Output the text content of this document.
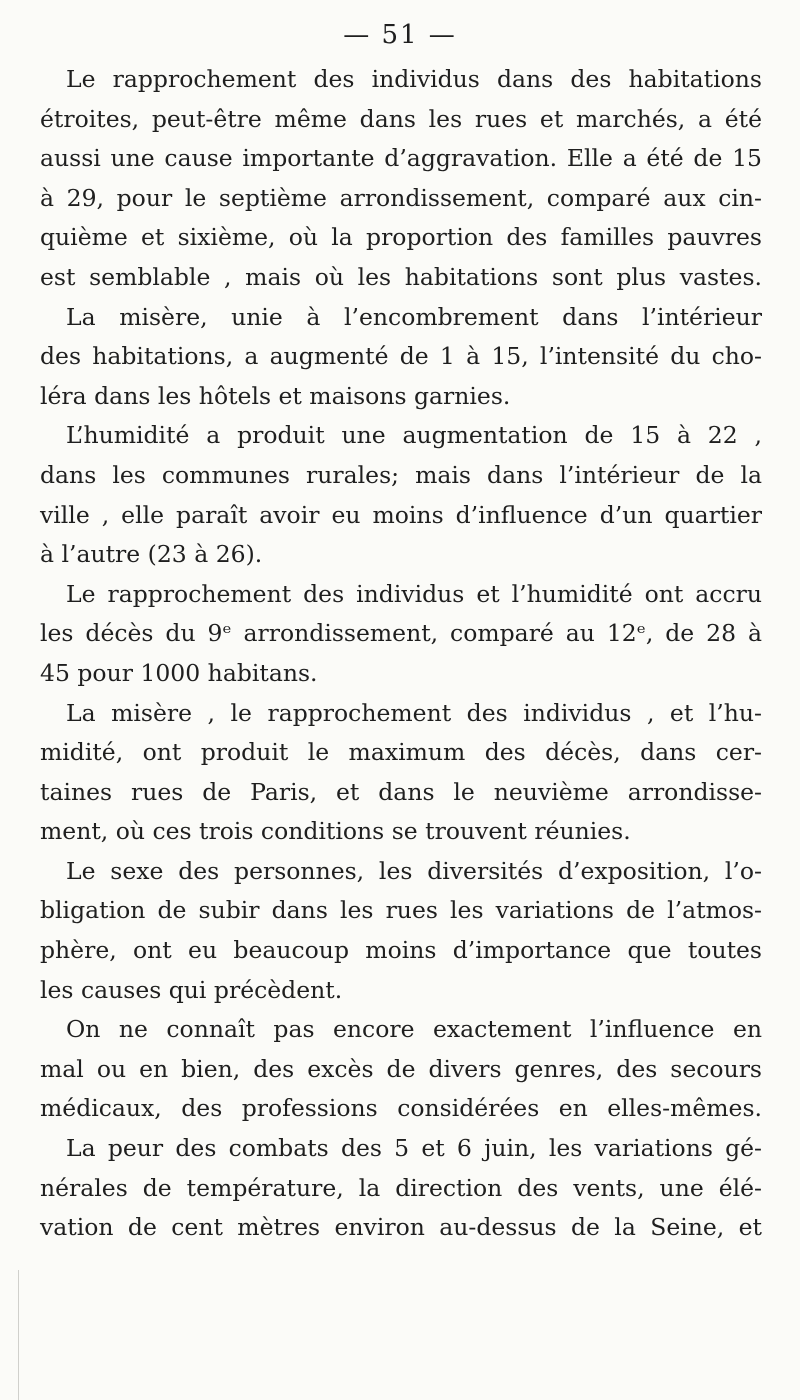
— 51 —
Le rapprochement des individus dans des habitations
étroites, peut-être même dans les rues et marchés, a été
aussi une cause importante d’aggravation. Elle a été de 15
à 29, pour le septième arrondissement, comparé aux cin-
quième et sixième, où la proportion des familles pauvres
est semblable , mais où les habitations sont plus vastes.
La misère, unie à l’encombrement dans l’intérieur
des habitations, a augmenté de 1 à 15, l’intensité du cho-
léra dans les hôtels et maisons garnies.
L’humidité a produit une augmentation de 15 à 22 ,
dans les communes rurales; mais dans l’intérieur de la
ville , elle paraît avoir eu moins d’influence d’un quartier
à l’autre (23 à 26).
Le rapprochement des individus et l’humidité ont accru
les décès du 9ᵉ arrondissement, comparé au 12ᵉ, de 28 à
45 pour 1000 habitans.
La misère , le rapprochement des individus , et l’hu-
midité, ont produit le maximum des décès, dans cer-
taines rues de Paris, et dans le neuvième arrondisse-
ment, où ces trois conditions se trouvent réunies.
Le sexe des personnes, les diversités d’exposition, l’o-
bligation de subir dans les rues les variations de l’atmos-
phère, ont eu beaucoup moins d’importance que toutes
les causes qui précèdent.
On ne connaît pas encore exactement l’influence en
mal ou en bien, des excès de divers genres, des secours
médicaux, des professions considérées en elles-mêmes.
La peur des combats des 5 et 6 juin, les variations gé-
nérales de température, la direction des vents, une élé-
vation de cent mètres environ au-dessus de la Seine, et
